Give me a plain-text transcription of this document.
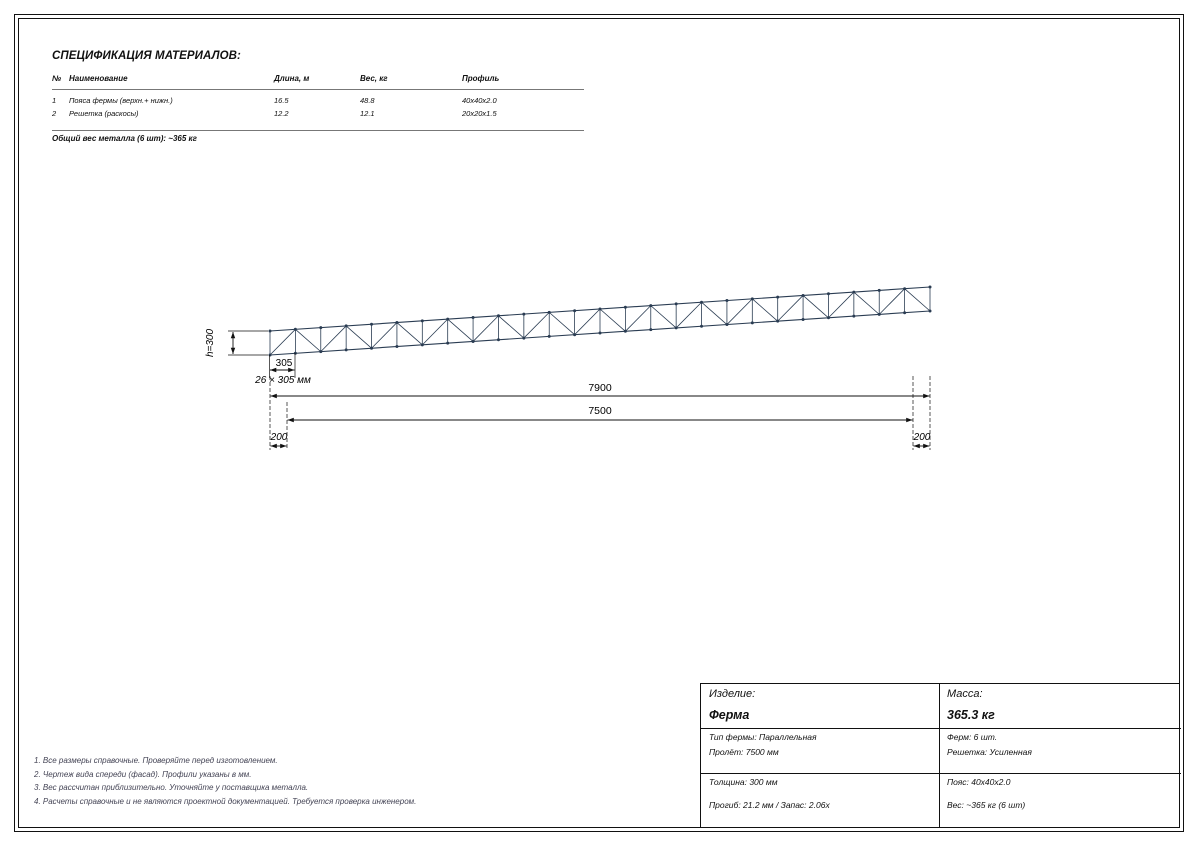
СПЕЦИФИКАЦИЯ МАТЕРИАЛОВ:
№	Наименование	Длина, м	Вес, кг	Профиль
1	Пояса фермы (верхн.+ нижн.)	16.5	48.8	40x40x2.0
2	Решетка (раскосы)	12.2	12.1	20x20x1.5
Общий вес металла (6 шт): ~365 кг
h=300
305
26 × 305 мм
7900
7500
200	200
1. Все размеры справочные. Проверяйте перед изготовлением.
2. Чертеж вида спереди (фасад). Профили указаны в мм.
3. Вес рассчитан приблизительно. Уточняйте у поставщика металла.
4. Расчеты справочные и не являются проектной документацией. Требуется проверка инженером.
Изделие:
Ферма
Масса:
365.3 кг
Тип фермы: Параллельная
Пролёт: 7500 мм
Ферм: 6 шт.
Решетка: Усиленная
Толщина: 300 мм	Пояс: 40x40x2.0
Прогиб: 21.2 мм / Запас: 2.06x	Вес: ~365 кг (6 шт)
